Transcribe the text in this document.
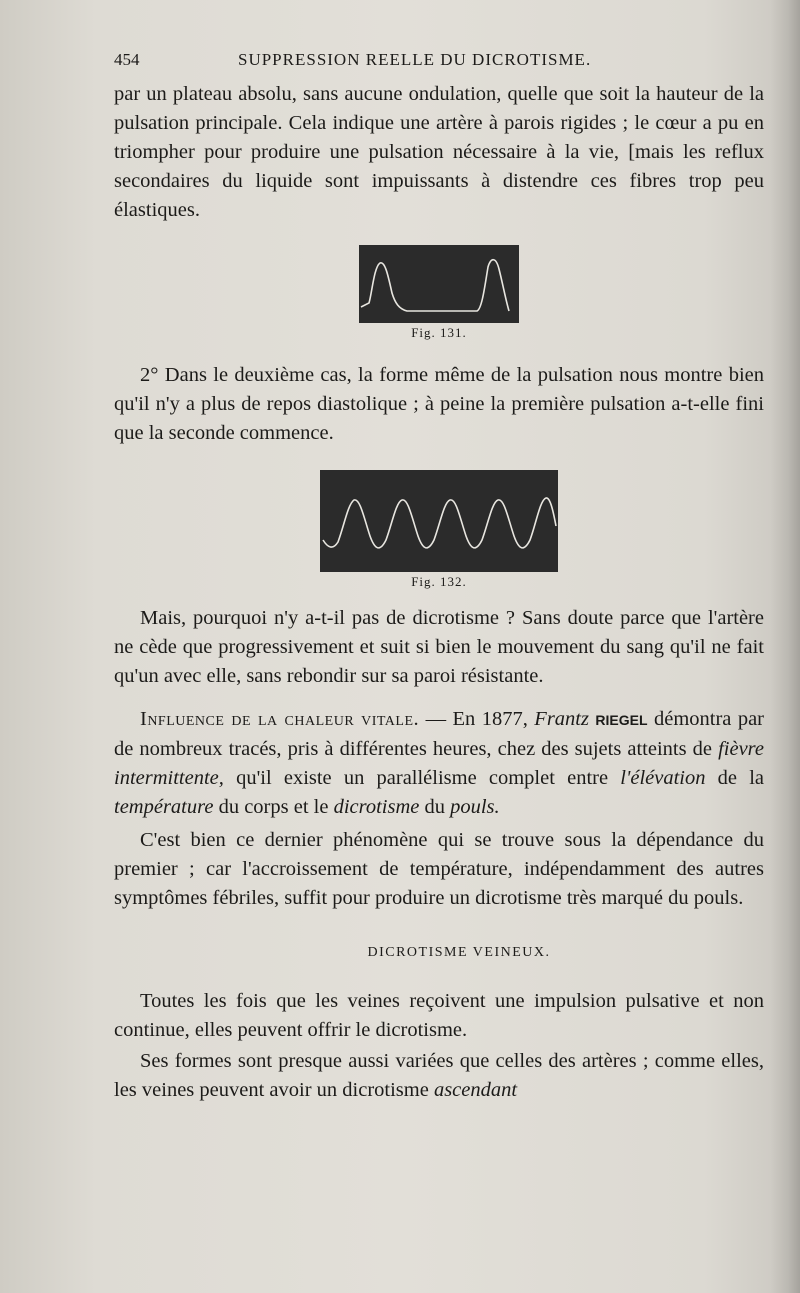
454	SUPPRESSION REELLE DU DICROTISME.

par un plateau absolu, sans aucune ondulation, quelle que soit la hauteur de la pulsation principale. Cela indique une artère à parois rigides ; le cœur a pu en triompher pour produire une pulsation nécessaire à la vie, [mais les reflux secondaires du liquide sont impuissants à distendre ces fibres trop peu élastiques.

Fig. 131.

2° Dans le deuxième cas, la forme même de la pulsation nous montre bien qu'il n'y a plus de repos diastolique ; à peine la première pulsation a-t-elle fini que la seconde commence.

Fig. 132.

Mais, pourquoi n'y a-t-il pas de dicrotisme ? Sans doute parce que l'artère ne cède que progressivement et suit si bien le mouvement du sang qu'il ne fait qu'un avec elle, sans rebondir sur sa paroi résistante.

Influence de la chaleur vitale. — En 1877, Frantz RIEGEL démontra par de nombreux tracés, pris à différentes heures, chez des sujets atteints de fièvre intermittente, qu'il existe un parallélisme complet entre l'élévation de la température du corps et le dicrotisme du pouls.

C'est bien ce dernier phénomène qui se trouve sous la dépendance du premier ; car l'accroissement de température, indépendamment des autres symptômes fébriles, suffit pour produire un dicrotisme très marqué du pouls.

DICROTISME VEINEUX.

Toutes les fois que les veines reçoivent une impulsion pulsative et non continue, elles peuvent offrir le dicrotisme.

Ses formes sont presque aussi variées que celles des artères ; comme elles, les veines peuvent avoir un dicrotisme ascendant
